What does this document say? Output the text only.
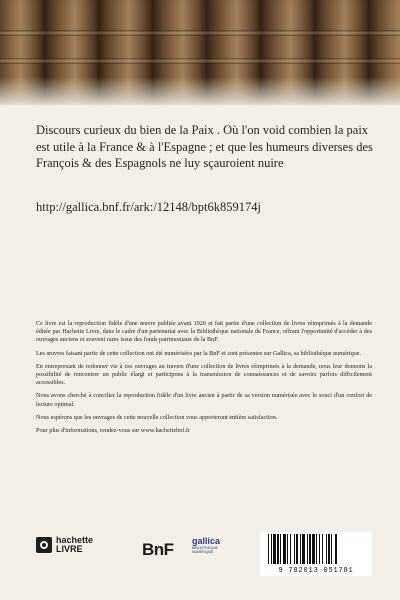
Discours curieux du bien de la Paix . Où l'on void combien la paix est utile à la France & à l'Espagne ; et que les humeurs diverses des François & des Espagnols ne luy sçauroient nuire

http://gallica.bnf.fr/ark:/12148/bpt6k859174j

Ce livre est la reproduction fidèle d'une œuvre publiée avant 1920 et fait partie d'une collection de livres réimprimés à la demande éditée par Hachette Livre, dans le cadre d'un partenariat avec la Bibliothèque nationale de France, offrant l'opportunité d'accéder à des ouvrages anciens et souvent rares issus des fonds patrimoniaux de la BnF.

Les œuvres faisant partie de cette collection ont été numérisées par la BnF et sont présentes sur Gallica, sa bibliothèque numérique.

En entreprenant de redonner vie à ces ouvrages au travers d'une collection de livres réimprimés à la demande, nous leur donnons la possibilité de rencontrer un public élargi et participons à la transmission de connaissances et de savoirs parfois difficilement accessibles.

Nous avons cherché à concilier la reproduction fidèle d'un livre ancien à partir de sa version numérisée avec le souci d'un confort de lecture optimal.

Nous espérons que les ouvrages de cette nouvelle collection vous apporteront entière satisfaction.

Pour plus d'informations, rendez-vous sur www.hachettebnf.fr

hachette
LIVRE	BnF gallica
BIBLIOTHÈQUE NUMÉRIQUE
9 782013 051781
